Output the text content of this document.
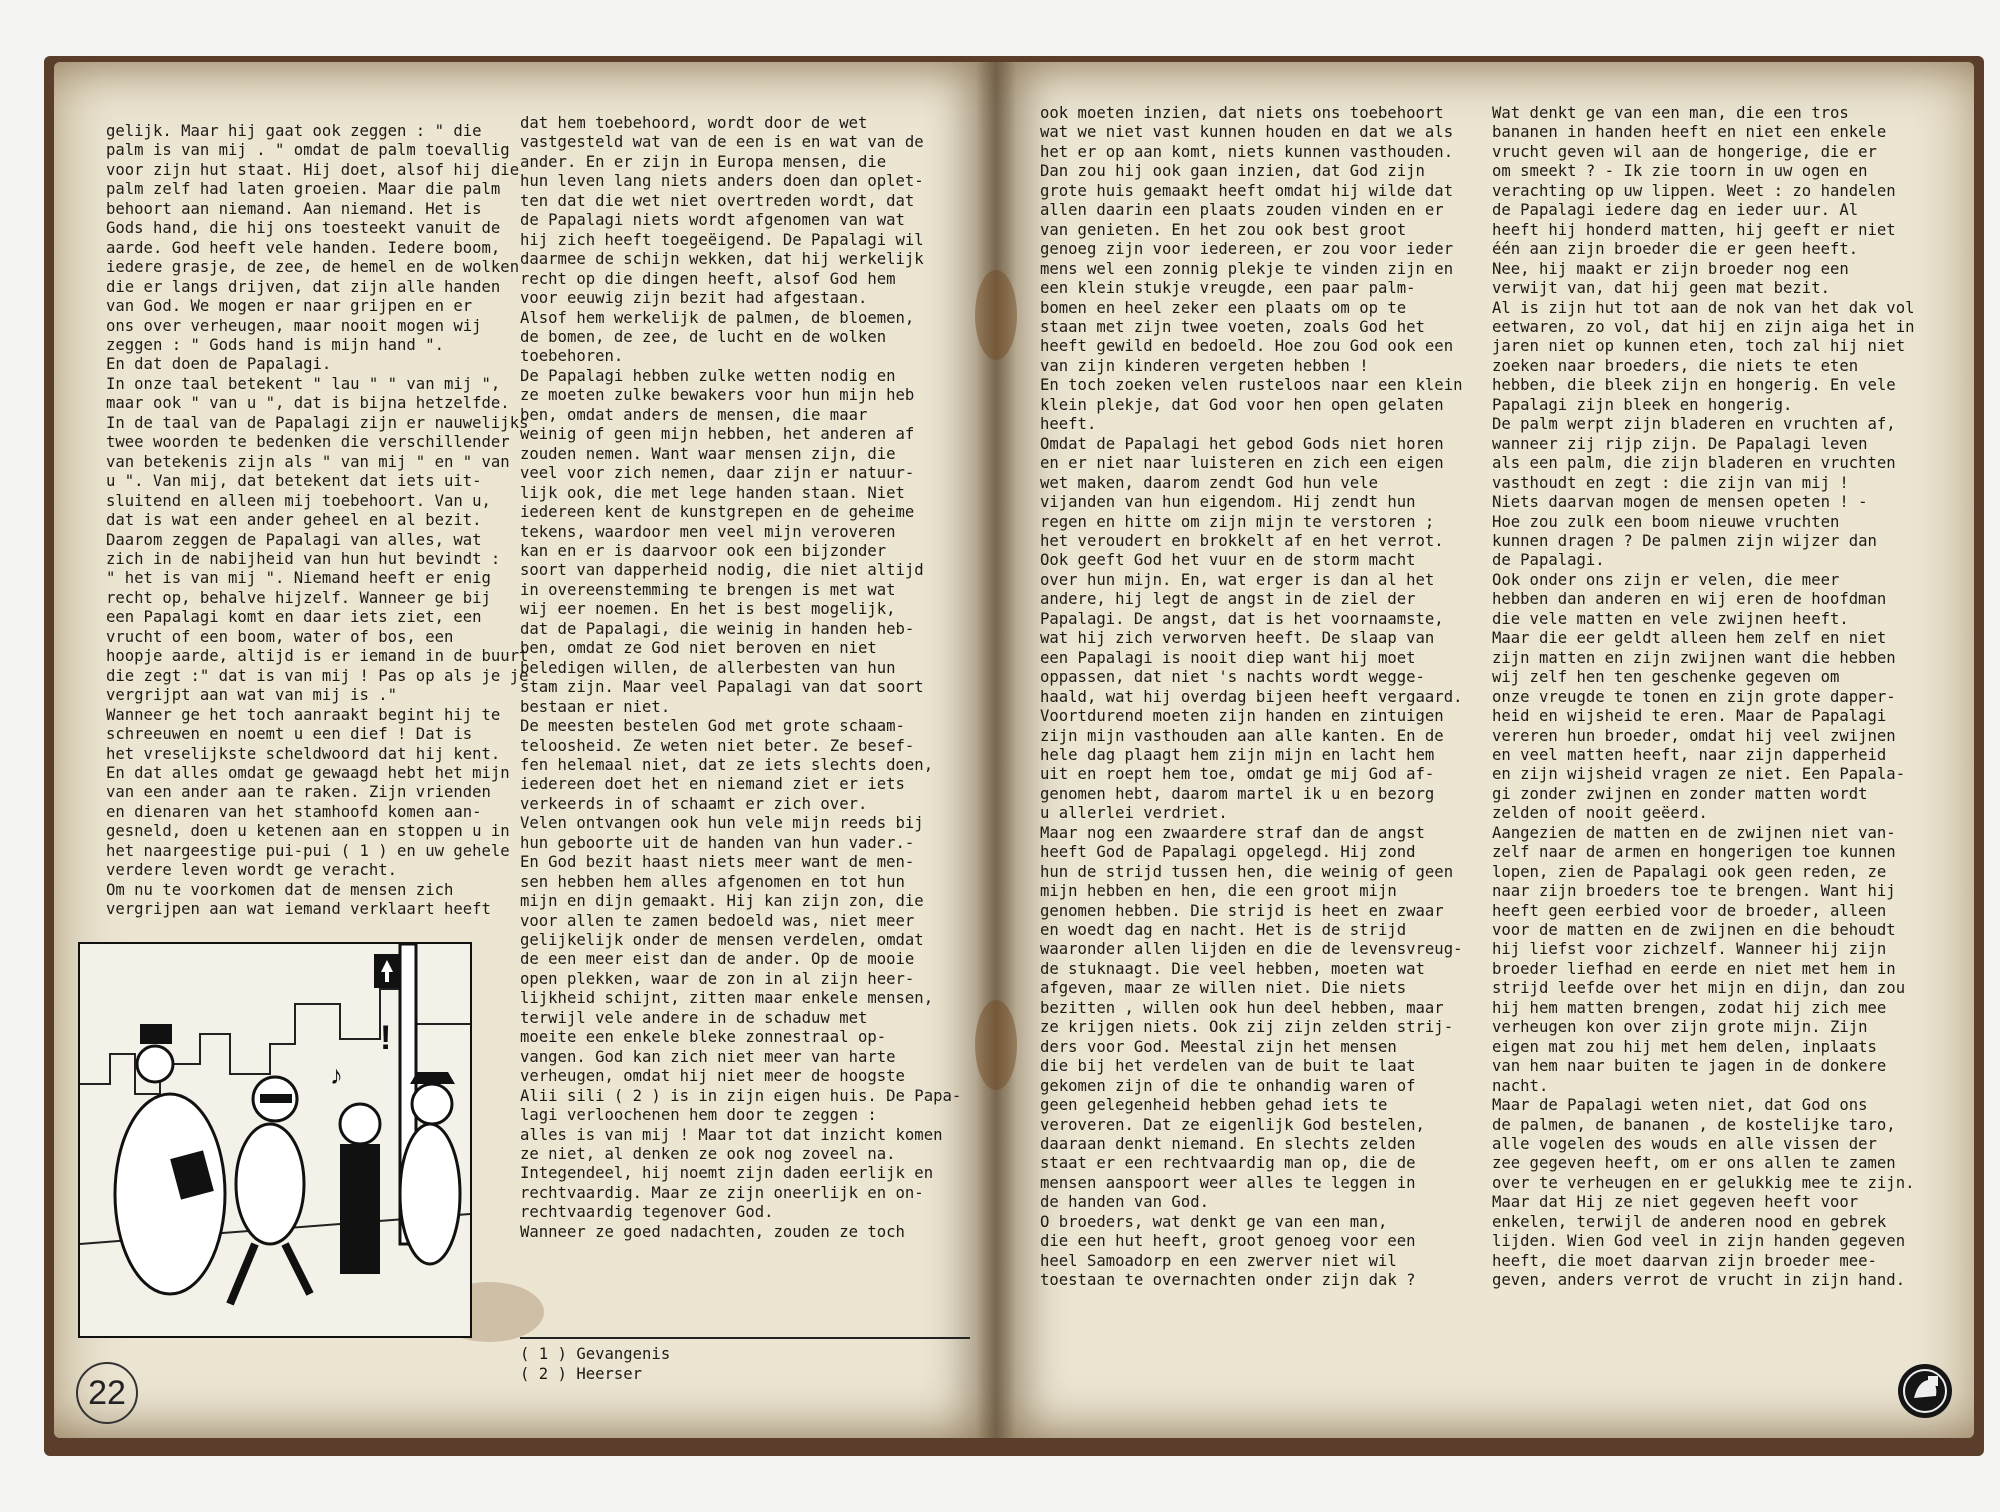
gelijk. Maar hij gaat ook zeggen : " die
palm is van mij . " omdat de palm toevallig
voor zijn hut staat. Hij doet, alsof hij die
palm zelf had laten groeien. Maar die palm
behoort aan niemand. Aan niemand. Het is
Gods hand, die hij ons toesteekt vanuit de
aarde. God heeft vele handen. Iedere boom,
iedere grasje, de zee, de hemel en de wolken
die er langs drijven, dat zijn alle handen
van God. We mogen er naar grijpen en er
ons over verheugen, maar nooit mogen wij
zeggen : " Gods hand is mijn hand ".
En dat doen de Papalagi.
In onze taal betekent " lau " " van mij ",
maar ook " van u ", dat is bijna hetzelfde.
In de taal van de Papalagi zijn er nauwelijks
twee woorden te bedenken die verschillender
van betekenis zijn als " van mij " en " van
u ". Van mij, dat betekent dat iets uit-
sluitend en alleen mij toebehoort. Van u,
dat is wat een ander geheel en al bezit.
Daarom zeggen de Papalagi van alles, wat
zich in de nabijheid van hun hut bevindt :
" het is van mij ". Niemand heeft er enig
recht op, behalve hijzelf. Wanneer ge bij
een Papalagi komt en daar iets ziet, een
vrucht of een boom, water of bos, een
hoopje aarde, altijd is er iemand in de buurt
die zegt :" dat is van mij ! Pas op als je je
vergrijpt aan wat van mij is ."
Wanneer ge het toch aanraakt begint hij te
schreeuwen en noemt u een dief ! Dat is
het vreselijkste scheldwoord dat hij kent.
En dat alles omdat ge gewaagd hebt het mijn
van een ander aan te raken. Zijn vrienden
en dienaren van het stamhoofd komen aan-
gesneld, doen u ketenen aan en stoppen u in
het naargeestige pui-pui ( 1 ) en uw gehele
verdere leven wordt ge veracht.
Om nu te voorkomen dat de mensen zich
vergrijpen aan wat iemand verklaart heeft
dat hem toebehoord, wordt door de wet
vastgesteld wat van de een is en wat van de
ander. En er zijn in Europa mensen, die
hun leven lang niets anders doen dan oplet-
ten dat die wet niet overtreden wordt, dat
de Papalagi niets wordt afgenomen van wat
hij zich heeft toegeëigend. De Papalagi wil
daarmee de schijn wekken, dat hij werkelijk
recht op die dingen heeft, alsof God hem
voor eeuwig zijn bezit had afgestaan.
Alsof hem werkelijk de palmen, de bloemen,
de bomen, de zee, de lucht en de wolken
toebehoren.
De Papalagi hebben zulke wetten nodig en
ze moeten zulke bewakers voor hun mijn heb
ben, omdat anders de mensen, die maar
weinig of geen mijn hebben, het anderen af
zouden nemen. Want waar mensen zijn, die
veel voor zich nemen, daar zijn er natuur-
lijk ook, die met lege handen staan. Niet
iedereen kent de kunstgrepen en de geheime
tekens, waardoor men veel mijn veroveren
kan en er is daarvoor ook een bijzonder
soort van dapperheid nodig, die niet altijd
in overeenstemming te brengen is met wat
wij eer noemen. En het is best mogelijk,
dat de Papalagi, die weinig in handen heb-
ben, omdat ze God niet beroven en niet
beledigen willen, de allerbesten van hun
stam zijn. Maar veel Papalagi van dat soort
bestaan er niet.
De meesten bestelen God met grote schaam-
teloosheid. Ze weten niet beter. Ze besef-
fen helemaal niet, dat ze iets slechts doen,
iedereen doet het en niemand ziet er iets
verkeerds in of schaamt er zich over.
Velen ontvangen ook hun vele mijn reeds bij
hun geboorte uit de handen van hun vader.-
En God bezit haast niets meer want de men-
sen hebben hem alles afgenomen en tot hun
mijn en dijn gemaakt. Hij kan zijn zon, die
voor allen te zamen bedoeld was, niet meer
gelijkelijk onder de mensen verdelen, omdat
de een meer eist dan de ander. Op de mooie
open plekken, waar de zon in al zijn heer-
lijkheid schijnt, zitten maar enkele mensen,
terwijl vele andere in de schaduw met
moeite een enkele bleke zonnestraal op-
vangen. God kan zich niet meer van harte
verheugen, omdat hij niet meer de hoogste
Alii sili ( 2 ) is in zijn eigen huis. De Papa-
lagi verloochenen hem door te zeggen :
alles is van mij ! Maar tot dat inzicht komen
ze niet, al denken ze ook nog zoveel na.
Integendeel, hij noemt zijn daden eerlijk en
rechtvaardig. Maar ze zijn oneerlijk en on-
rechtvaardig tegenover God.
Wanneer ze goed nadachten, zouden ze toch
!
♪
( 1 ) Gevangenis
( 2 ) Heerser
22
ook moeten inzien, dat niets ons toebehoort
wat we niet vast kunnen houden en dat we als
het er op aan komt, niets kunnen vasthouden.
Dan zou hij ook gaan inzien, dat God zijn
grote huis gemaakt heeft omdat hij wilde dat
allen daarin een plaats zouden vinden en er
van genieten. En het zou ook best groot
genoeg zijn voor iedereen, er zou voor ieder
mens wel een zonnig plekje te vinden zijn en
een klein stukje vreugde, een paar palm-
bomen en heel zeker een plaats om op te
staan met zijn twee voeten, zoals God het
heeft gewild en bedoeld. Hoe zou God ook een
van zijn kinderen vergeten hebben !
En toch zoeken velen rusteloos naar een klein
klein plekje, dat God voor hen open gelaten
heeft.
Omdat de Papalagi het gebod Gods niet horen
en er niet naar luisteren en zich een eigen
wet maken, daarom zendt God hun vele
vijanden van hun eigendom. Hij zendt hun
regen en hitte om zijn mijn te verstoren ;
het veroudert en brokkelt af en het verrot.
Ook geeft God het vuur en de storm macht
over hun mijn. En, wat erger is dan al het
andere, hij legt de angst in de ziel der
Papalagi. De angst, dat is het voornaamste,
wat hij zich verworven heeft. De slaap van
een Papalagi is nooit diep want hij moet
oppassen, dat niet 's nachts wordt wegge-
haald, wat hij overdag bijeen heeft vergaard.
Voortdurend moeten zijn handen en zintuigen
zijn mijn vasthouden aan alle kanten. En de
hele dag plaagt hem zijn mijn en lacht hem
uit en roept hem toe, omdat ge mij God af-
genomen hebt, daarom martel ik u en bezorg
u allerlei verdriet.
Maar nog een zwaardere straf dan de angst
heeft God de Papalagi opgelegd. Hij zond
hun de strijd tussen hen, die weinig of geen
mijn hebben en hen, die een groot mijn
genomen hebben. Die strijd is heet en zwaar
en woedt dag en nacht. Het is de strijd
waaronder allen lijden en die de levensvreug-
de stuknaagt. Die veel hebben, moeten wat
afgeven, maar ze willen niet. Die niets
bezitten , willen ook hun deel hebben, maar
ze krijgen niets. Ook zij zijn zelden strij-
ders voor God. Meestal zijn het mensen
die bij het verdelen van de buit te laat
gekomen zijn of die te onhandig waren of
geen gelegenheid hebben gehad iets te
veroveren. Dat ze eigenlijk God bestelen,
daaraan denkt niemand. En slechts zelden
staat er een rechtvaardig man op, die de
mensen aanspoort weer alles te leggen in
de handen van God.
O broeders, wat denkt ge van een man,
die een hut heeft, groot genoeg voor een
heel Samoadorp en een zwerver niet wil
toestaan te overnachten onder zijn dak ?
Wat denkt ge van een man, die een tros
bananen in handen heeft en niet een enkele
vrucht geven wil aan de hongerige, die er
om smeekt ? - Ik zie toorn in uw ogen en
verachting op uw lippen. Weet : zo handelen
de Papalagi iedere dag en ieder uur. Al
heeft hij honderd matten, hij geeft er niet
één aan zijn broeder die er geen heeft.
Nee, hij maakt er zijn broeder nog een
verwijt van, dat hij geen mat bezit.
Al is zijn hut tot aan de nok van het dak vol
eetwaren, zo vol, dat hij en zijn aiga het in
jaren niet op kunnen eten, toch zal hij niet
zoeken naar broeders, die niets te eten
hebben, die bleek zijn en hongerig. En vele
Papalagi zijn bleek en hongerig.
De palm werpt zijn bladeren en vruchten af,
wanneer zij rijp zijn. De Papalagi leven
als een palm, die zijn bladeren en vruchten
vasthoudt en zegt : die zijn van mij !
Niets daarvan mogen de mensen opeten ! -
Hoe zou zulk een boom nieuwe vruchten
kunnen dragen ? De palmen zijn wijzer dan
de Papalagi.
Ook onder ons zijn er velen, die meer
hebben dan anderen en wij eren de hoofdman
die vele matten en vele zwijnen heeft.
Maar die eer geldt alleen hem zelf en niet
zijn matten en zijn zwijnen want die hebben
wij zelf hen ten geschenke gegeven om
onze vreugde te tonen en zijn grote dapper-
heid en wijsheid te eren. Maar de Papalagi
vereren hun broeder, omdat hij veel zwijnen
en veel matten heeft, naar zijn dapperheid
en zijn wijsheid vragen ze niet. Een Papala-
gi zonder zwijnen en zonder matten wordt
zelden of nooit geëerd.
Aangezien de matten en de zwijnen niet van-
zelf naar de armen en hongerigen toe kunnen
lopen, zien de Papalagi ook geen reden, ze
naar zijn broeders toe te brengen. Want hij
heeft geen eerbied voor de broeder, alleen
voor de matten en de zwijnen en die behoudt
hij liefst voor zichzelf. Wanneer hij zijn
broeder liefhad en eerde en niet met hem in
strijd leefde over het mijn en dijn, dan zou
hij hem matten brengen, zodat hij zich mee
verheugen kon over zijn grote mijn. Zijn
eigen mat zou hij met hem delen, inplaats
van hem naar buiten te jagen in de donkere
nacht.
Maar de Papalagi weten niet, dat God ons
de palmen, de bananen , de kostelijke taro,
alle vogelen des wouds en alle vissen der
zee gegeven heeft, om er ons allen te zamen
over te verheugen en er gelukkig mee te zijn.
Maar dat Hij ze niet gegeven heeft voor
enkelen, terwijl de anderen nood en gebrek
lijden. Wien God veel in zijn handen gegeven
heeft, die moet daarvan zijn broeder mee-
geven, anders verrot de vrucht in zijn hand.
